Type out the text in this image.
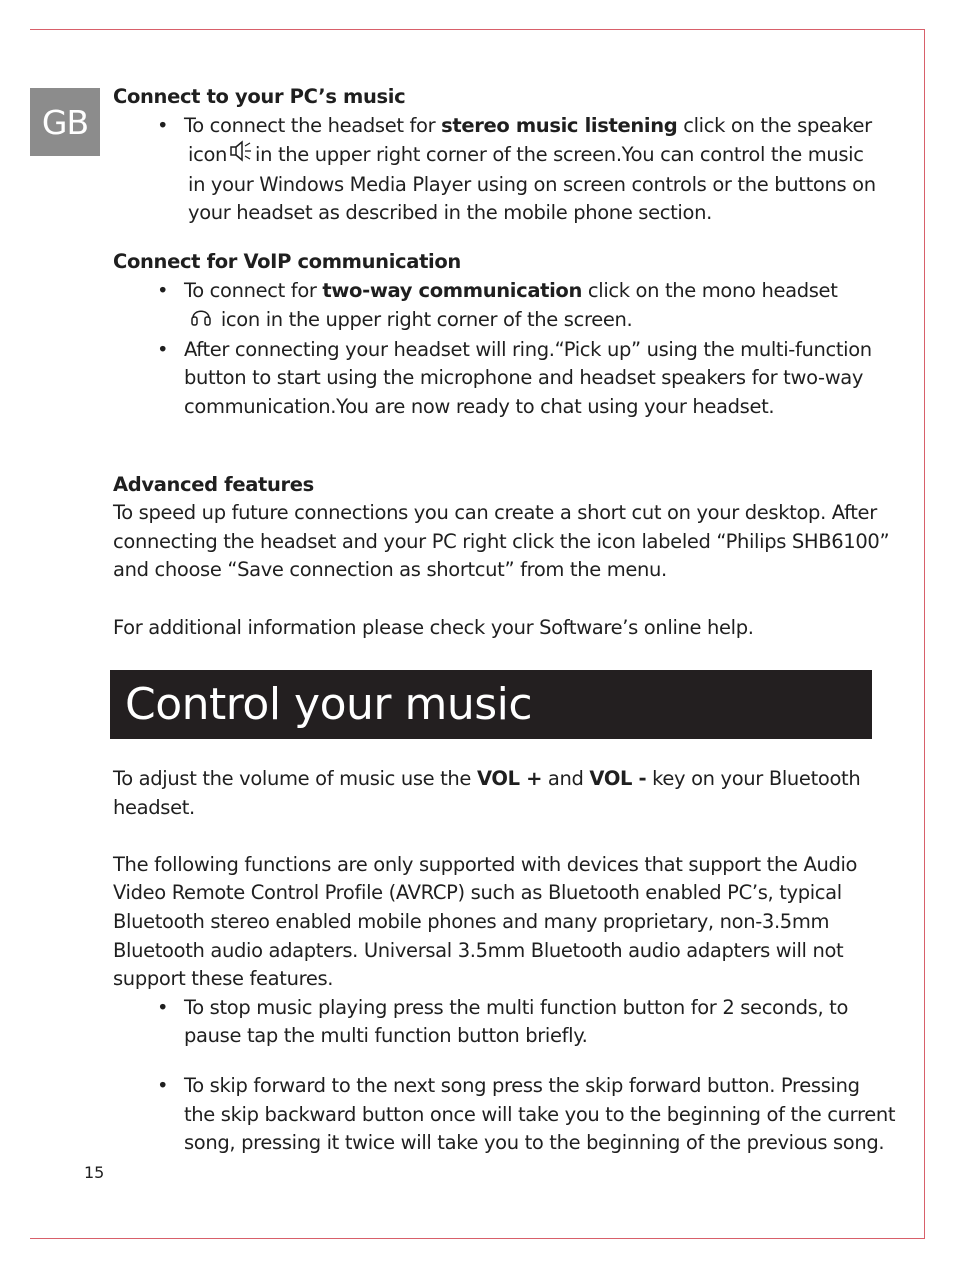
GB
Connect to your PC’s music
• To connect the headset for stereo music listening click on the speaker
icon in the upper right corner of the screen.You can control the music
in your Windows Media Player using on screen controls or the buttons on
your headset as described in the mobile phone section.
Connect for VoIP communication
• To connect for two-way communication click on the mono headset
icon in the upper right corner of the screen.
• After connecting your headset will ring.“Pick up” using the multi-function
button to start using the microphone and headset speakers for two-way
communication.You are now ready to chat using your headset.
Advanced features
To speed up future connections you can create a short cut on your desktop. After
connecting the headset and your PC right click the icon labeled “Philips SHB6100”
and choose “Save connection as shortcut” from the menu.
For additional information please check your Software’s online help.
Control your music
To adjust the volume of music use the VOL + and VOL - key on your Bluetooth
headset.
The following functions are only supported with devices that support the Audio
Video Remote Control Profile (AVRCP) such as Bluetooth enabled PC’s, typical
Bluetooth stereo enabled mobile phones and many proprietary, non-3.5mm
Bluetooth audio adapters. Universal 3.5mm Bluetooth audio adapters will not
support these features.
• To stop music playing press the multi function button for 2 seconds, to
pause tap the multi function button briefly.
• To skip forward to the next song press the skip forward button. Pressing
the skip backward button once will take you to the beginning of the current
song, pressing it twice will take you to the beginning of the previous song.
15
